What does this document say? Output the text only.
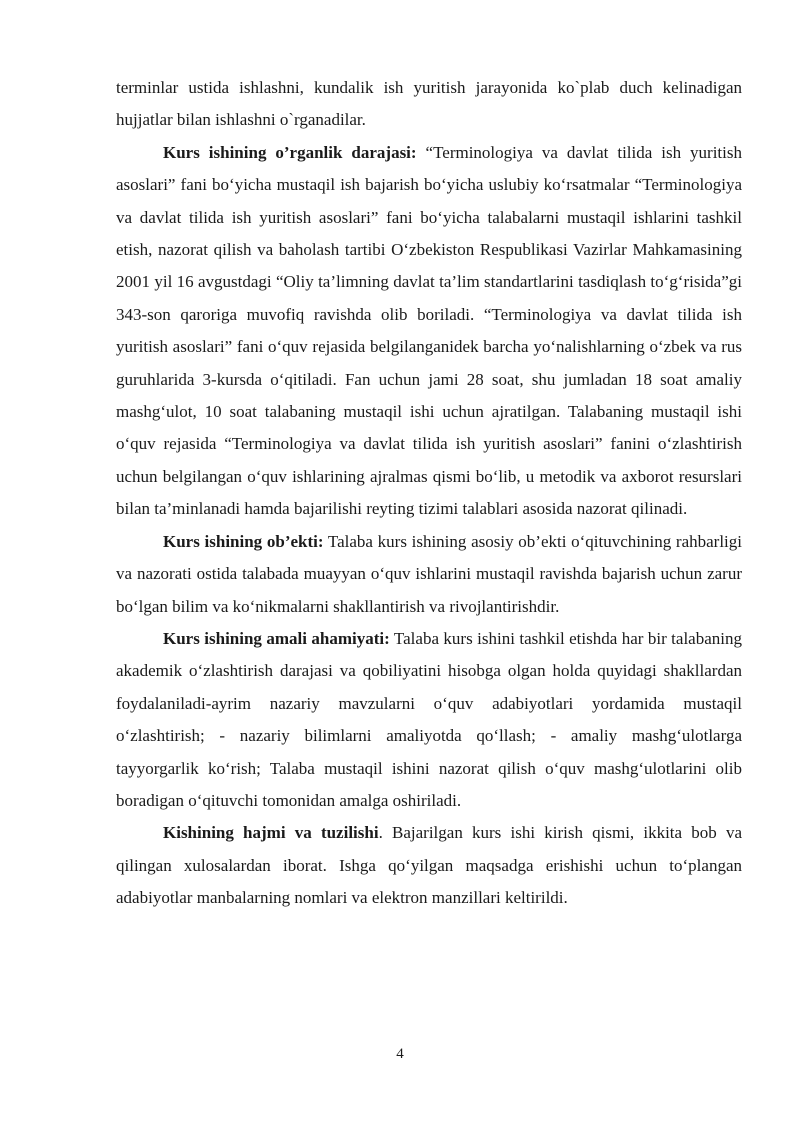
terminlar ustida ishlashni, kundalik ish yuritish jarayonida ko`plab duch kelinadigan hujjatlar bilan ishlashni o`rganadilar.

Kurs ishining o’rganlik darajasi: “Terminologiya va davlat tilida ish yuritish asoslari” fani bo‘yicha mustaqil ish bajarish bo‘yicha uslubiy ko‘rsatmalar “Terminologiya va davlat tilida ish yuritish asoslari” fani bo‘yicha talabalarni mustaqil ishlarini tashkil etish, nazorat qilish va baholash tartibi O‘zbekiston Respublikasi Vazirlar Mahkamasining 2001 yil 16 avgustdagi “Oliy ta’limning davlat ta’lim standartlarini tasdiqlash to‘g‘risida”gi 343-son qaroriga muvofiq ravishda olib boriladi. “Terminologiya va davlat tilida ish yuritish asoslari” fani o‘quv rejasida belgilanganidek barcha yo‘nalishlarning o‘zbek va rus guruhlarida 3-kursda o‘qitiladi. Fan uchun jami 28 soat, shu jumladan 18 soat amaliy mashg‘ulot, 10 soat talabaning mustaqil ishi uchun ajratilgan. Talabaning mustaqil ishi o‘quv rejasida “Terminologiya va davlat tilida ish yuritish asoslari” fanini o‘zlashtirish uchun belgilangan o‘quv ishlarining ajralmas qismi bo‘lib, u metodik va axborot resurslari bilan ta’minlanadi hamda bajarilishi reyting tizimi talablari asosida nazorat qilinadi.

Kurs ishining ob’ekti: Talaba kurs ishining asosiy ob’ekti o‘qituvchining rahbarligi va nazorati ostida talabada muayyan o‘quv ishlarini mustaqil ravishda bajarish uchun zarur bo‘lgan bilim va ko‘nikmalarni shakllantirish va rivojlantirishdir.

Kurs ishining amali ahamiyati: Talaba kurs ishini tashkil etishda har bir talabaning akademik o‘zlashtirish darajasi va qobiliyatini hisobga olgan holda quyidagi shakllardan foydalaniladi-ayrim nazariy mavzularni o‘quv adabiyotlari yordamida mustaqil o‘zlashtirish; - nazariy bilimlarni amaliyotda qo‘llash; - amaliy mashg‘ulotlarga tayyorgarlik ko‘rish; Talaba mustaqil ishini nazorat qilish o‘quv mashg‘ulotlarini olib boradigan o‘qituvchi tomonidan amalga oshiriladi.

Kishining hajmi va tuzilishi. Bajarilgan kurs ishi kirish qismi, ikkita bob va qilingan xulosalardan iborat. Ishga qo‘yilgan maqsadga erishishi uchun to‘plangan adabiyotlar manbalarning nomlari va elektron manzillari keltirildi.

4
